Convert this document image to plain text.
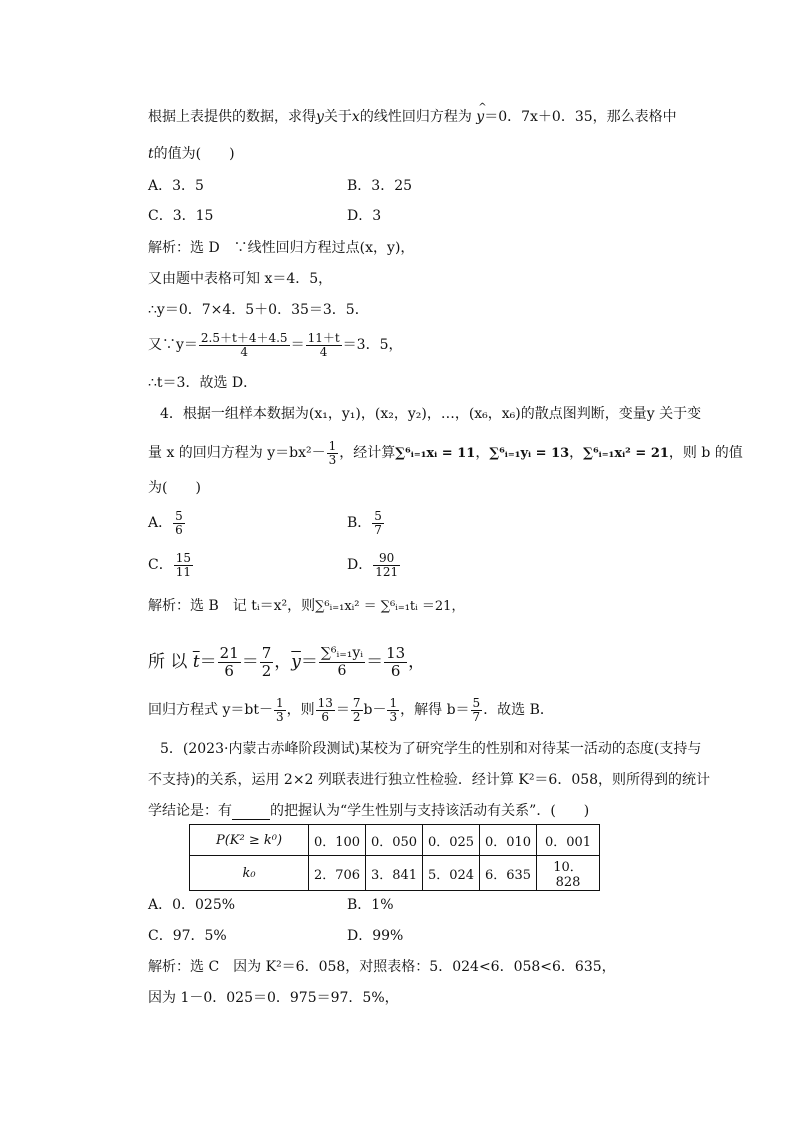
根据上表提供的数据，求得y关于x的线性回归方程为
^
y＝0．7x＋0．35，那么表格中
t的值为(　　)
A．3．5	B．3．25
C．3．15	D．3
解析：选 D　∵线性回归方程过点(x，y)，
又由题中表格可知 x＝4．5，
∴y＝0．7×4．5＋0．35＝3．5．
又∵y＝ $\frac{2.5+t+4+4.5}{4} = \frac{11+t}{4} =3$．5，
∴t＝3．故选 D．
4．根据一组样本数据为(x₁，y₁)，(x₂，y₂)，…，(x₆，x₆)的散点图判断，变量y 关于变
量 x 的回归方程为 $y=bx^2- \frac{1}{3}$ ，经计算∑⁶ᵢ₌₁xᵢ = 11，∑⁶ᵢ₌₁yᵢ = 13，∑⁶ᵢ₌₁xᵢ² = 21，则 b 的值
为(　　)
A． $\frac{5}{6}$	B． $\frac{5}{7}$
C． $\frac{15}{11}$	D． $\frac{90}{121}$
解析：选 B　记 tᵢ＝x²，则∑⁶ᵢ₌₁xᵢ² ＝ ∑⁶ᵢ₌₁tᵢ ＝21，
所 以 $\overline{t}= \frac{21}{6} = \frac{7}{2}$ ，$\overline{y}= \frac{\text{∑⁶ᵢ₌₁yᵢ}}{6} = \frac{13}{6}$ ，
回归方程式 $y=bt- \frac{1}{3}$ ，则 $\frac{13}{6} = \frac{7}{2} b- \frac{1}{3}$ ，解得 $b= \frac{5}{7}$ ．故选 B．
5．(2023·内蒙古赤峰阶段测试)某校为了研究学生的性别和对待某一活动的态度(支持与
不支持)的关系，运用 2×2 列联表进行独立性检验．经计算 K²＝6．058，则所得到的统计
学结论是：有	的把握认为“学生性别与支持该活动有关系”．(　　)
P(K² ≥ k⁰)	0．100	0．050	0．025	0．010	0．001
k₀	2．706	3．841	5．024	6．635	10．828
A．0．025%	B．1%
C．97．5%	D．99%
解析：选 C　因为 K²＝6．058，对照表格：5．024<6．058<6．635，
因为 1－0．025＝0．975＝97．5%，
